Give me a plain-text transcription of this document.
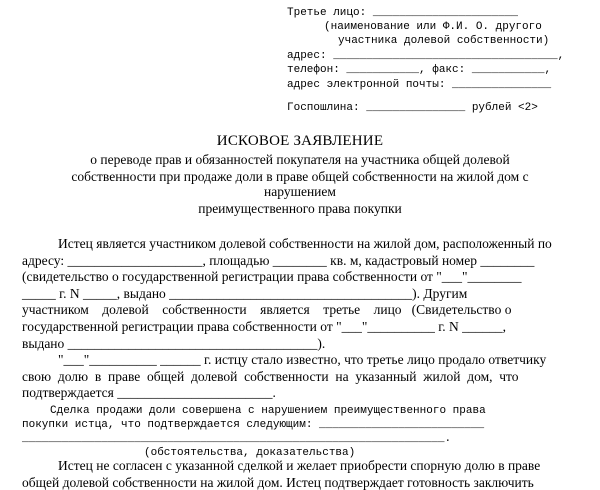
Третье лицо: ______________________
(наименование или Ф.И. О. другого
участника долевой собственности)
адрес: __________________________________,
телефон: ___________, факс: ___________,
адрес электронной почты: _______________
Госпошлина: _______________ рублей <2>
ИСКОВОЕ ЗАЯВЛЕНИЕ
о переводе прав и обязанностей покупателя на участника общей долевой
собственности при продаже доли в праве общей собственности на жилой дом с
нарушением
преимущественного права покупки
Истец является участником долевой собственности на жилой дом, расположенный по
адресу: ____________________, площадью ________ кв. м, кадастровый номер ________
(свидетельство о государственной регистрации права собственности от "___"________
_____ г. N _____, выдано ____________________________________). Другим
участником    долевой    собственности    является    третье    лицо   (Свидетельство о
государственной регистрации права собственности от "___"__________ г. N ______,
выдано _____________________________________).
"___"__________ ______ г. истцу стало известно, что третье лицо продало ответчику
свою  долю  в  праве  общей  долевой  собственности  на  указанный  жилой  дом,  что
подтверждается _______________________.
Сделка продажи доли совершена с нарушением преимущественного права
покупки истца, что подтверждается следующим: _________________________
________________________________________________________________.
(обстоятельства, доказательства)
Истец не согласен с указанной сделкой и желает приобрести спорную долю в праве
общей долевой собственности на жилой дом. Истец подтверждает готовность заключить
